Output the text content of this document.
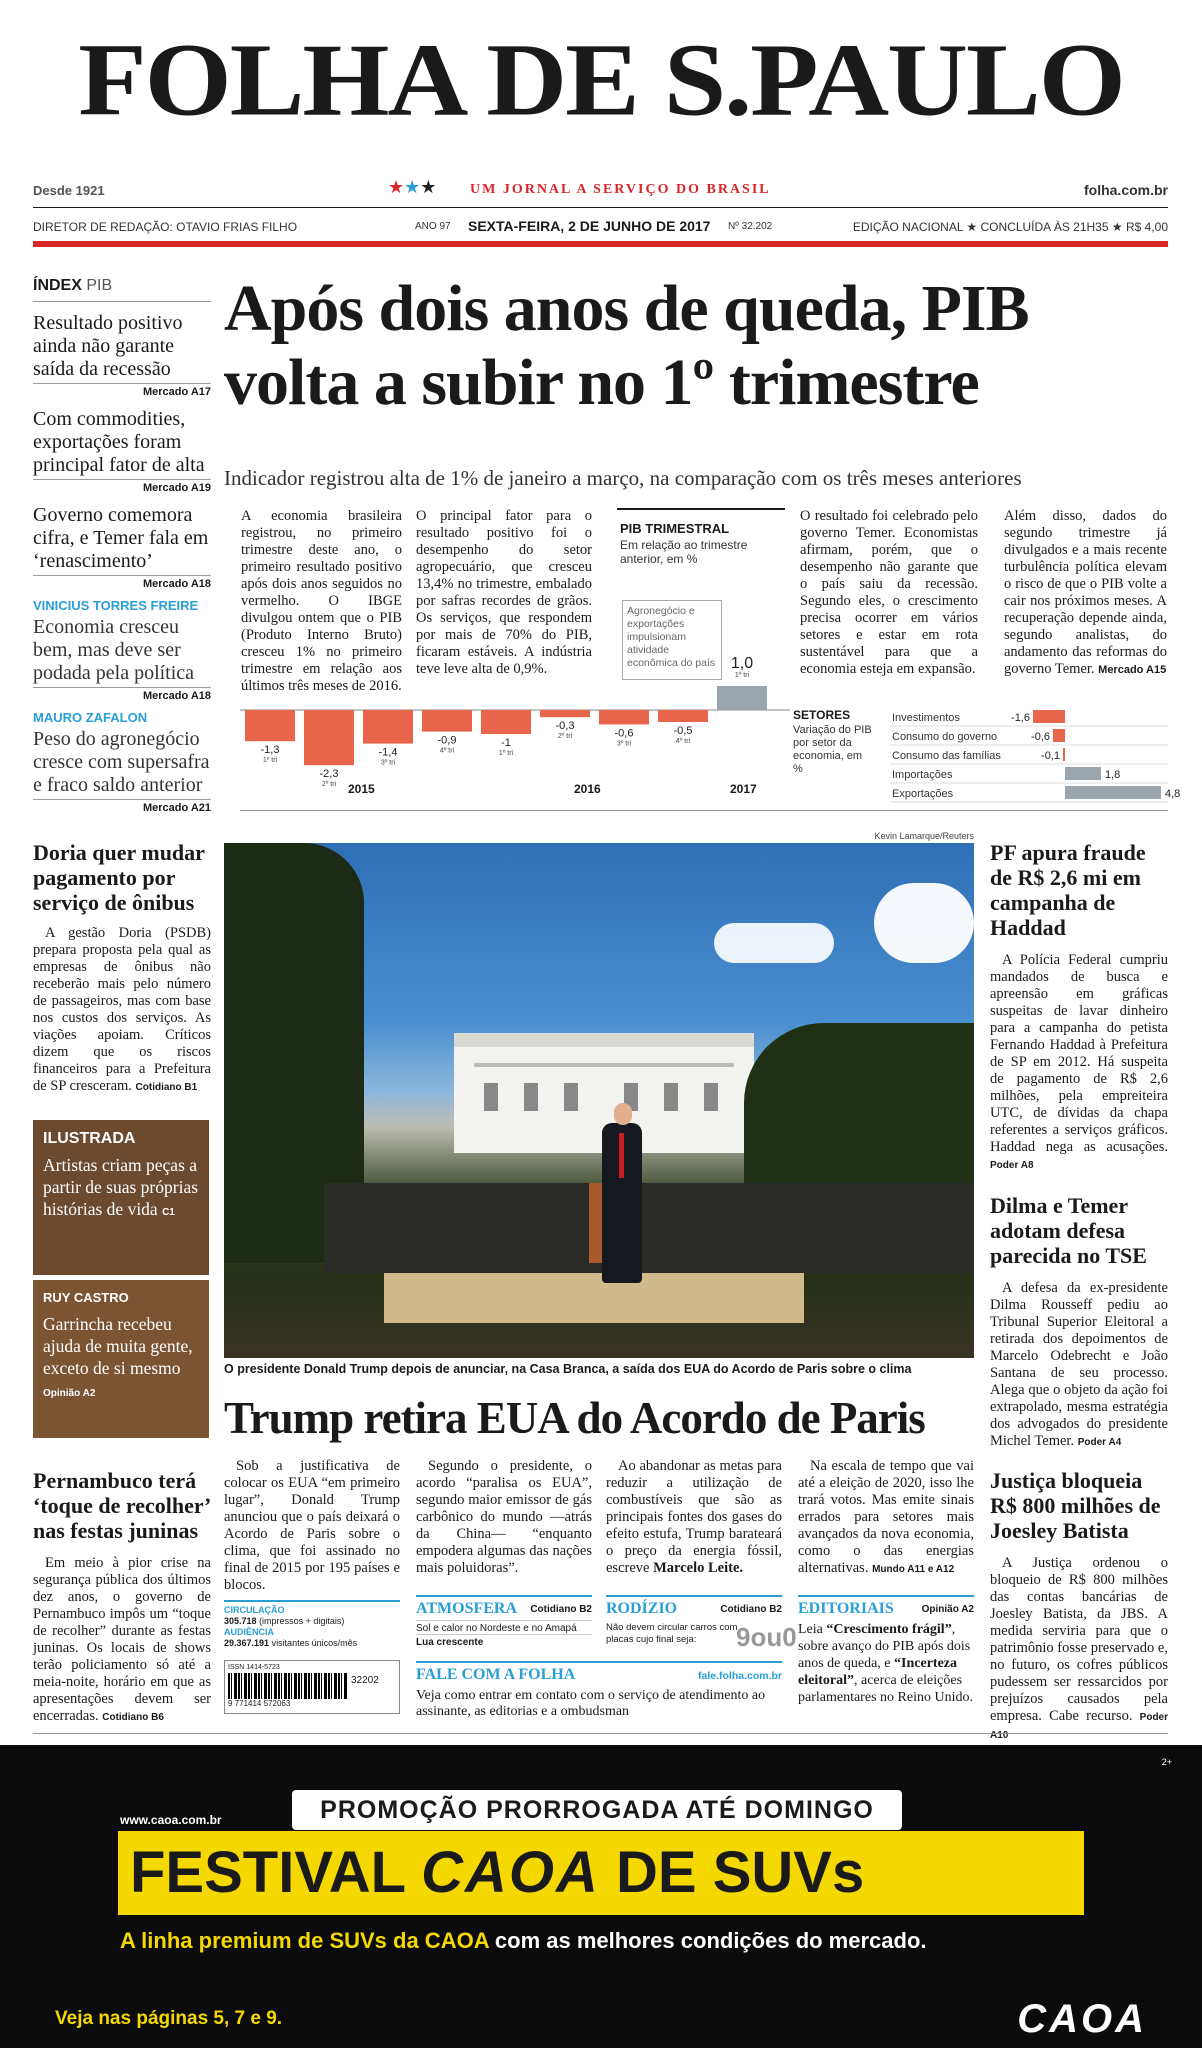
FOLHA DE S.PAULO
Desde 1921	★★★ UM JORNAL A SERVIÇO DO BRASIL	folha.com.br
DIRETOR DE REDAÇÃO: OTAVIO FRIAS FILHO	ANO 97 SEXTA-FEIRA, 2 DE JUNHO DE 2017 Nº 32.202	EDIÇÃO NACIONAL ★ CONCLUÍDA ÀS 21H35 ★ R$ 4,00
ÍNDEX PIB
Resultado positivo ainda não garante saída da recessão
Mercado A17
Com commodities, exportações foram principal fator de alta
Mercado A19
Governo comemora cifra, e Temer fala em ‘renascimento’
Mercado A18
VINICIUS TORRES FREIRE
Economia cresceu bem, mas deve ser podada pela política
Mercado A18
MAURO ZAFALON
Peso do agronegócio cresce com supersafra e fraco saldo anterior
Mercado A21
Após dois anos de queda, PIB
volta a subir no 1º trimestre
Indicador registrou alta de 1% de janeiro a março, na comparação com os três meses anteriores
A economia brasileira registrou, no primeiro trimestre deste ano, o primeiro resultado positivo após dois anos seguidos no vermelho. O IBGE divulgou ontem que o PIB (Produto Interno Bruto) cresceu 1% no primeiro trimestre em relação aos últimos três meses de 2016.
O principal fator para o resultado positivo foi o desempenho do setor agropecuário, que cresceu 13,4% no trimestre, embalado por safras recordes de grãos. Os serviços, que respondem por mais de 70% do PIB, ficaram estáveis. A indústria teve leve alta de 0,9%.
O resultado foi celebrado pelo governo Temer. Economistas afirmam, porém, que o desempenho não garante que o país saiu da recessão. Segundo eles, o crescimento precisa ocorrer em vários setores e estar em rota sustentável para que a economia esteja em expansão.
Além disso, dados do segundo trimestre já divulgados e a mais recente turbulência política elevam o risco de que o PIB volte a cair nos próximos meses. A recuperação depende ainda, segundo analistas, do andamento das reformas do governo Temer. Mercado A15
PIB TRIMESTRAL
Em relação ao trimestre anterior, em %
Agronegócio e exportações impulsionam atividade econômica do país
-1,3
1º tri
-2,3
2º tri
-1,4
3º tri
-0,9
4º tri
-1
1º tri
-0,3
2º tri	-0,6
3º tri
-0,5
4º tri
1,0
1º tri
2015	2016	2017
SETORES
Variação do PIB por setor da economia, em %
Investimentos	-1,6
Consumo do governo	-0,6
Consumo das famílias	-0,1
Importações	1,8
Exportações	4,8
Doria quer mudar pagamento por serviço de ônibus
A gestão Doria (PSDB) prepara proposta pela qual as empresas de ônibus não receberão mais pelo número de passageiros, mas com base nos custos dos serviços. As viações apoiam. Críticos dizem que os riscos financeiros para a Prefeitura de SP cresceram. Cotidiano B1
ILUSTRADA
Artistas criam peças a partir de suas próprias histórias de vida C1
RUY CASTRO
Garrincha recebeu ajuda de muita gente, exceto de si mesmo Opinião A2
Pernambuco terá ‘toque de recolher’ nas festas juninas
Em meio à pior crise na segurança pública dos últimos dez anos, o governo de Pernambuco impôs um “toque de recolher” durante as festas juninas. Os locais de shows terão policiamento só até a meia-noite, horário em que as apresentações devem ser encerradas. Cotidiano B6
Kevin Lamarque/Reuters
O presidente Donald Trump depois de anunciar, na Casa Branca, a saída dos EUA do Acordo de Paris sobre o clima
Trump retira EUA do Acordo de Paris
Sob a justificativa de colocar os EUA “em primeiro lugar”, Donald Trump anunciou que o país deixará o Acordo de Paris sobre o clima, que foi assinado no final de 2015 por 195 países e blocos.
Segundo o presidente, o acordo “paralisa os EUA”, segundo maior emissor de gás carbônico do mundo —atrás da China— “enquanto empodera algumas das nações mais poluidoras”.
Ao abandonar as metas para reduzir a utilização de combustíveis que são as principais fontes dos gases do efeito estufa, Trump barateará o preço da energia fóssil, escreve Marcelo Leite.
Na escala de tempo que vai até a eleição de 2020, isso lhe trará votos. Mas emite sinais errados para setores mais avançados da nova economia, como o das energias alternativas. Mundo A11 e A12
CIRCULAÇÃO
305.718 (impressos + digitais)
AUDIÊNCIA
29.367.191 visitantes únicos/mês
ISSN 1414-5723
9 771414 572063
32202
ATMOSFERA Cotidiano B2
Sol e calor no Nordeste e no Amapá
Lua crescente
RODÍZIO	Cotidiano B2
Não devem circular carros com placas cujo final seja:	9ou0
FALE COM A FOLHA	fale.folha.com.br
Veja como entrar em contato com o serviço de atendimento ao assinante, as editorias e a ombudsman
EDITORIAIS	Opinião A2
Leia “Crescimento frágil”, sobre avanço do PIB após dois anos de queda, e “Incerteza eleitoral”, acerca de eleições parlamentares no Reino Unido.
PF apura fraude de R$ 2,6 mi em campanha de Haddad
A Polícia Federal cumpriu mandados de busca e apreensão em gráficas suspeitas de lavar dinheiro para a campanha do petista Fernando Haddad à Prefeitura de SP em 2012. Há suspeita de pagamento de R$ 2,6 milhões, pela empreiteira UTC, de dívidas da chapa referentes a serviços gráficos. Haddad nega as acusações. Poder A8
Dilma e Temer adotam defesa parecida no TSE
A defesa da ex-presidente Dilma Rousseff pediu ao Tribunal Superior Eleitoral a retirada dos depoimentos de Marcelo Odebrecht e João Santana de seu processo. Alega que o objeto da ação foi extrapolado, mesma estratégia dos advogados do presidente Michel Temer. Poder A4
Justiça bloqueia R$ 800 milhões de Joesley Batista
A Justiça ordenou o bloqueio de R$ 800 milhões das contas bancárias de Joesley Batista, da JBS. A medida serviria para que o patrimônio fosse preservado e, no futuro, os cofres públicos pudessem ser ressarcidos por prejuízos causados pela empresa. Cabe recurso. Poder A10
2+
www.caoa.com.br	PROMOÇÃO PRORROGADA ATÉ DOMINGO
FESTIVAL CAOA DE SUVs
A linha premium de SUVs da CAOA com as melhores condições do mercado.
Veja nas páginas 5, 7 e 9.	CAOA
